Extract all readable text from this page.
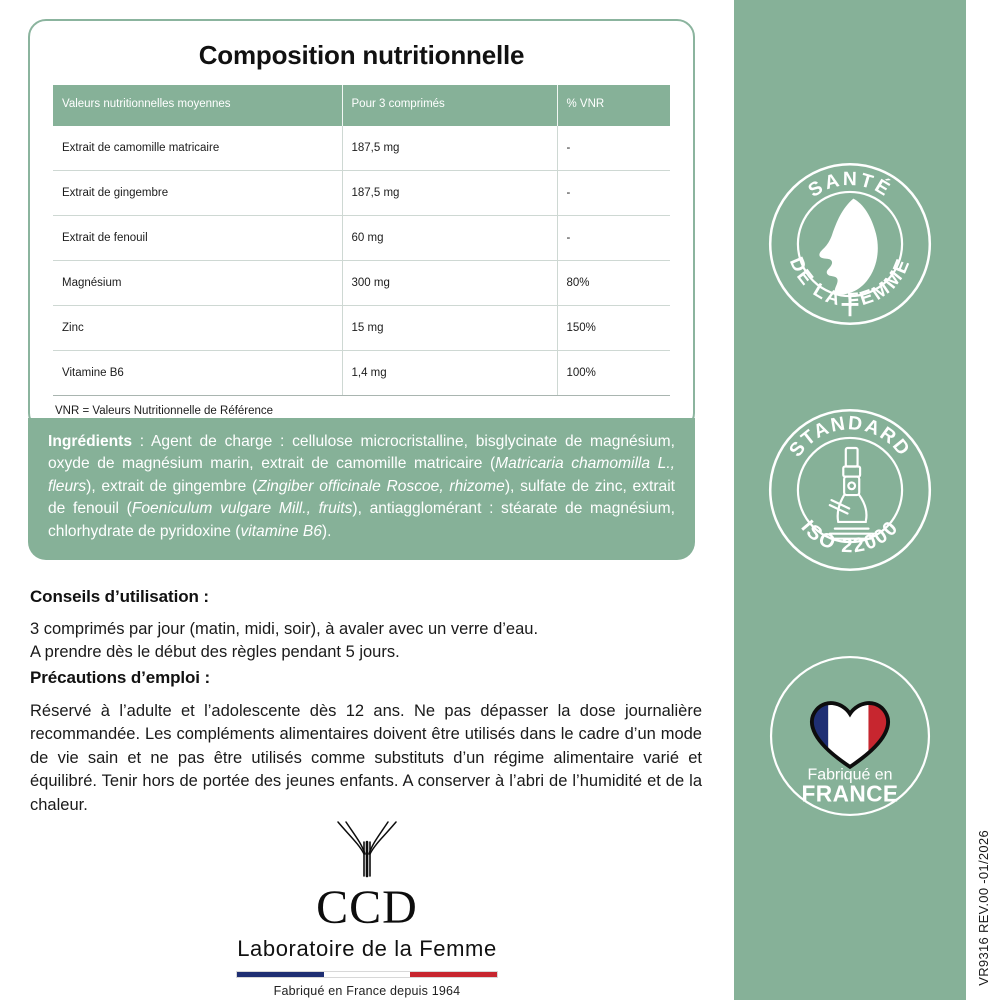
SANTÉ
DE LA FEMME
STANDARD
ISO 22000
Fabriqué en
FRANCE
VR9316 REV.00 -01/2026
Composition nutritionnelle
Valeurs nutritionnelles moyennes	Pour 3 comprimés	% VNR
Extrait de camomille matricaire	187,5 mg	-
Extrait de gingembre	187,5 mg	-
Extrait de fenouil	60 mg	-
Magnésium	300 mg	80%
Zinc	15 mg	150%
Vitamine B6	1,4 mg	100%
VNR = Valeurs Nutritionnelle de Référence
Ingrédients : Agent de charge : cellulose microcristalline, bisglycinate de magnésium, oxyde de magnésium marin, extrait de camomille matricaire (Matricaria chamomilla L., fleurs), extrait de gingembre (Zingiber officinale Roscoe, rhizome), sulfate de zinc, extrait de fenouil (Foeniculum vulgare Mill., fruits), antiagglomérant : stéarate de magnésium, chlorhydrate de pyridoxine (vitamine B6).
Conseils d’utilisation :
3 comprimés par jour (matin, midi, soir), à avaler avec un verre d’eau.
A prendre dès le début des règles pendant 5 jours.
Précautions d’emploi :
Réservé à l’adulte et l’adolescente dès 12 ans. Ne pas dépasser la dose journalière recommandée. Les compléments alimentaires doivent être utilisés dans le cadre d’un mode de vie sain et ne pas être utilisés comme substituts d’un régime alimentaire varié et équilibré. Tenir hors de portée des jeunes enfants. A conserver à l’abri de l’humidité et de la chaleur.
CCD
Laboratoire de la Femme
Fabriqué en France depuis 1964
